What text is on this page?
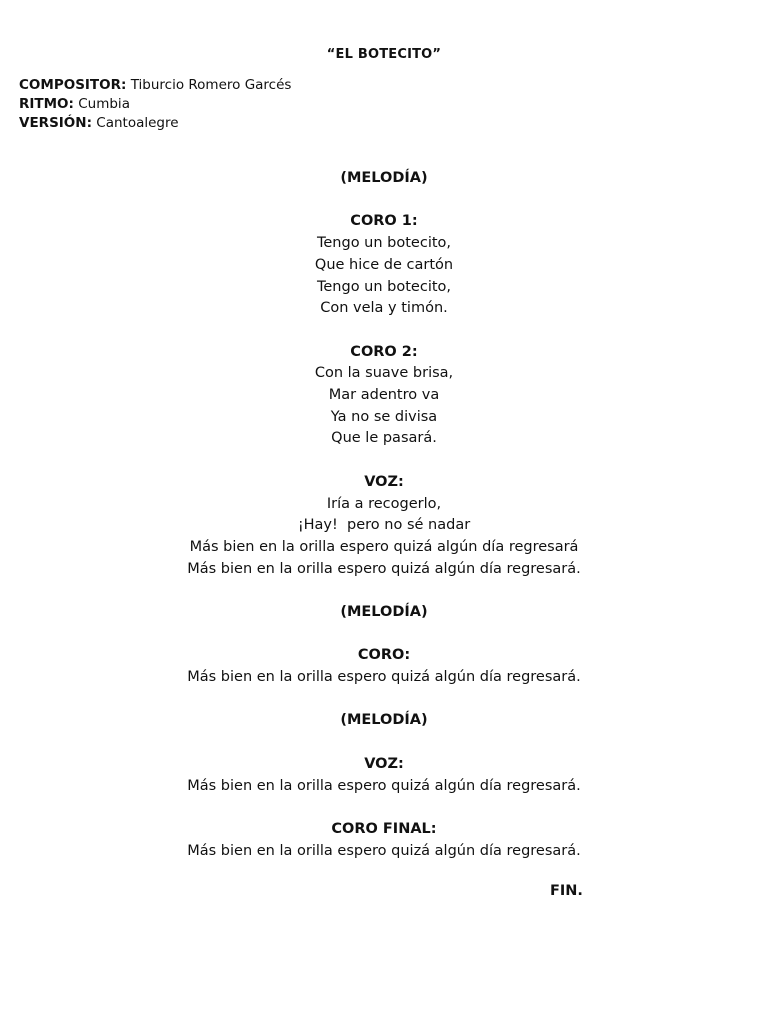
“EL BOTECITO”
COMPOSITOR: Tiburcio Romero Garcés
RITMO: Cumbia
VERSIÓN: Cantoalegre
(MELODÍA)
CORO 1:
Tengo un botecito,
Que hice de cartón
Tengo un botecito,
Con vela y timón.
CORO 2:
Con la suave brisa,
Mar adentro va
Ya no se divisa
Que le pasará.
VOZ:
Iría a recogerlo,
¡Hay!  pero no sé nadar
Más bien en la orilla espero quizá algún día regresará
Más bien en la orilla espero quizá algún día regresará.
(MELODÍA)
CORO:
Más bien en la orilla espero quizá algún día regresará.
(MELODÍA)
VOZ:
Más bien en la orilla espero quizá algún día regresará.
CORO FINAL:
Más bien en la orilla espero quizá algún día regresará.
FIN.
